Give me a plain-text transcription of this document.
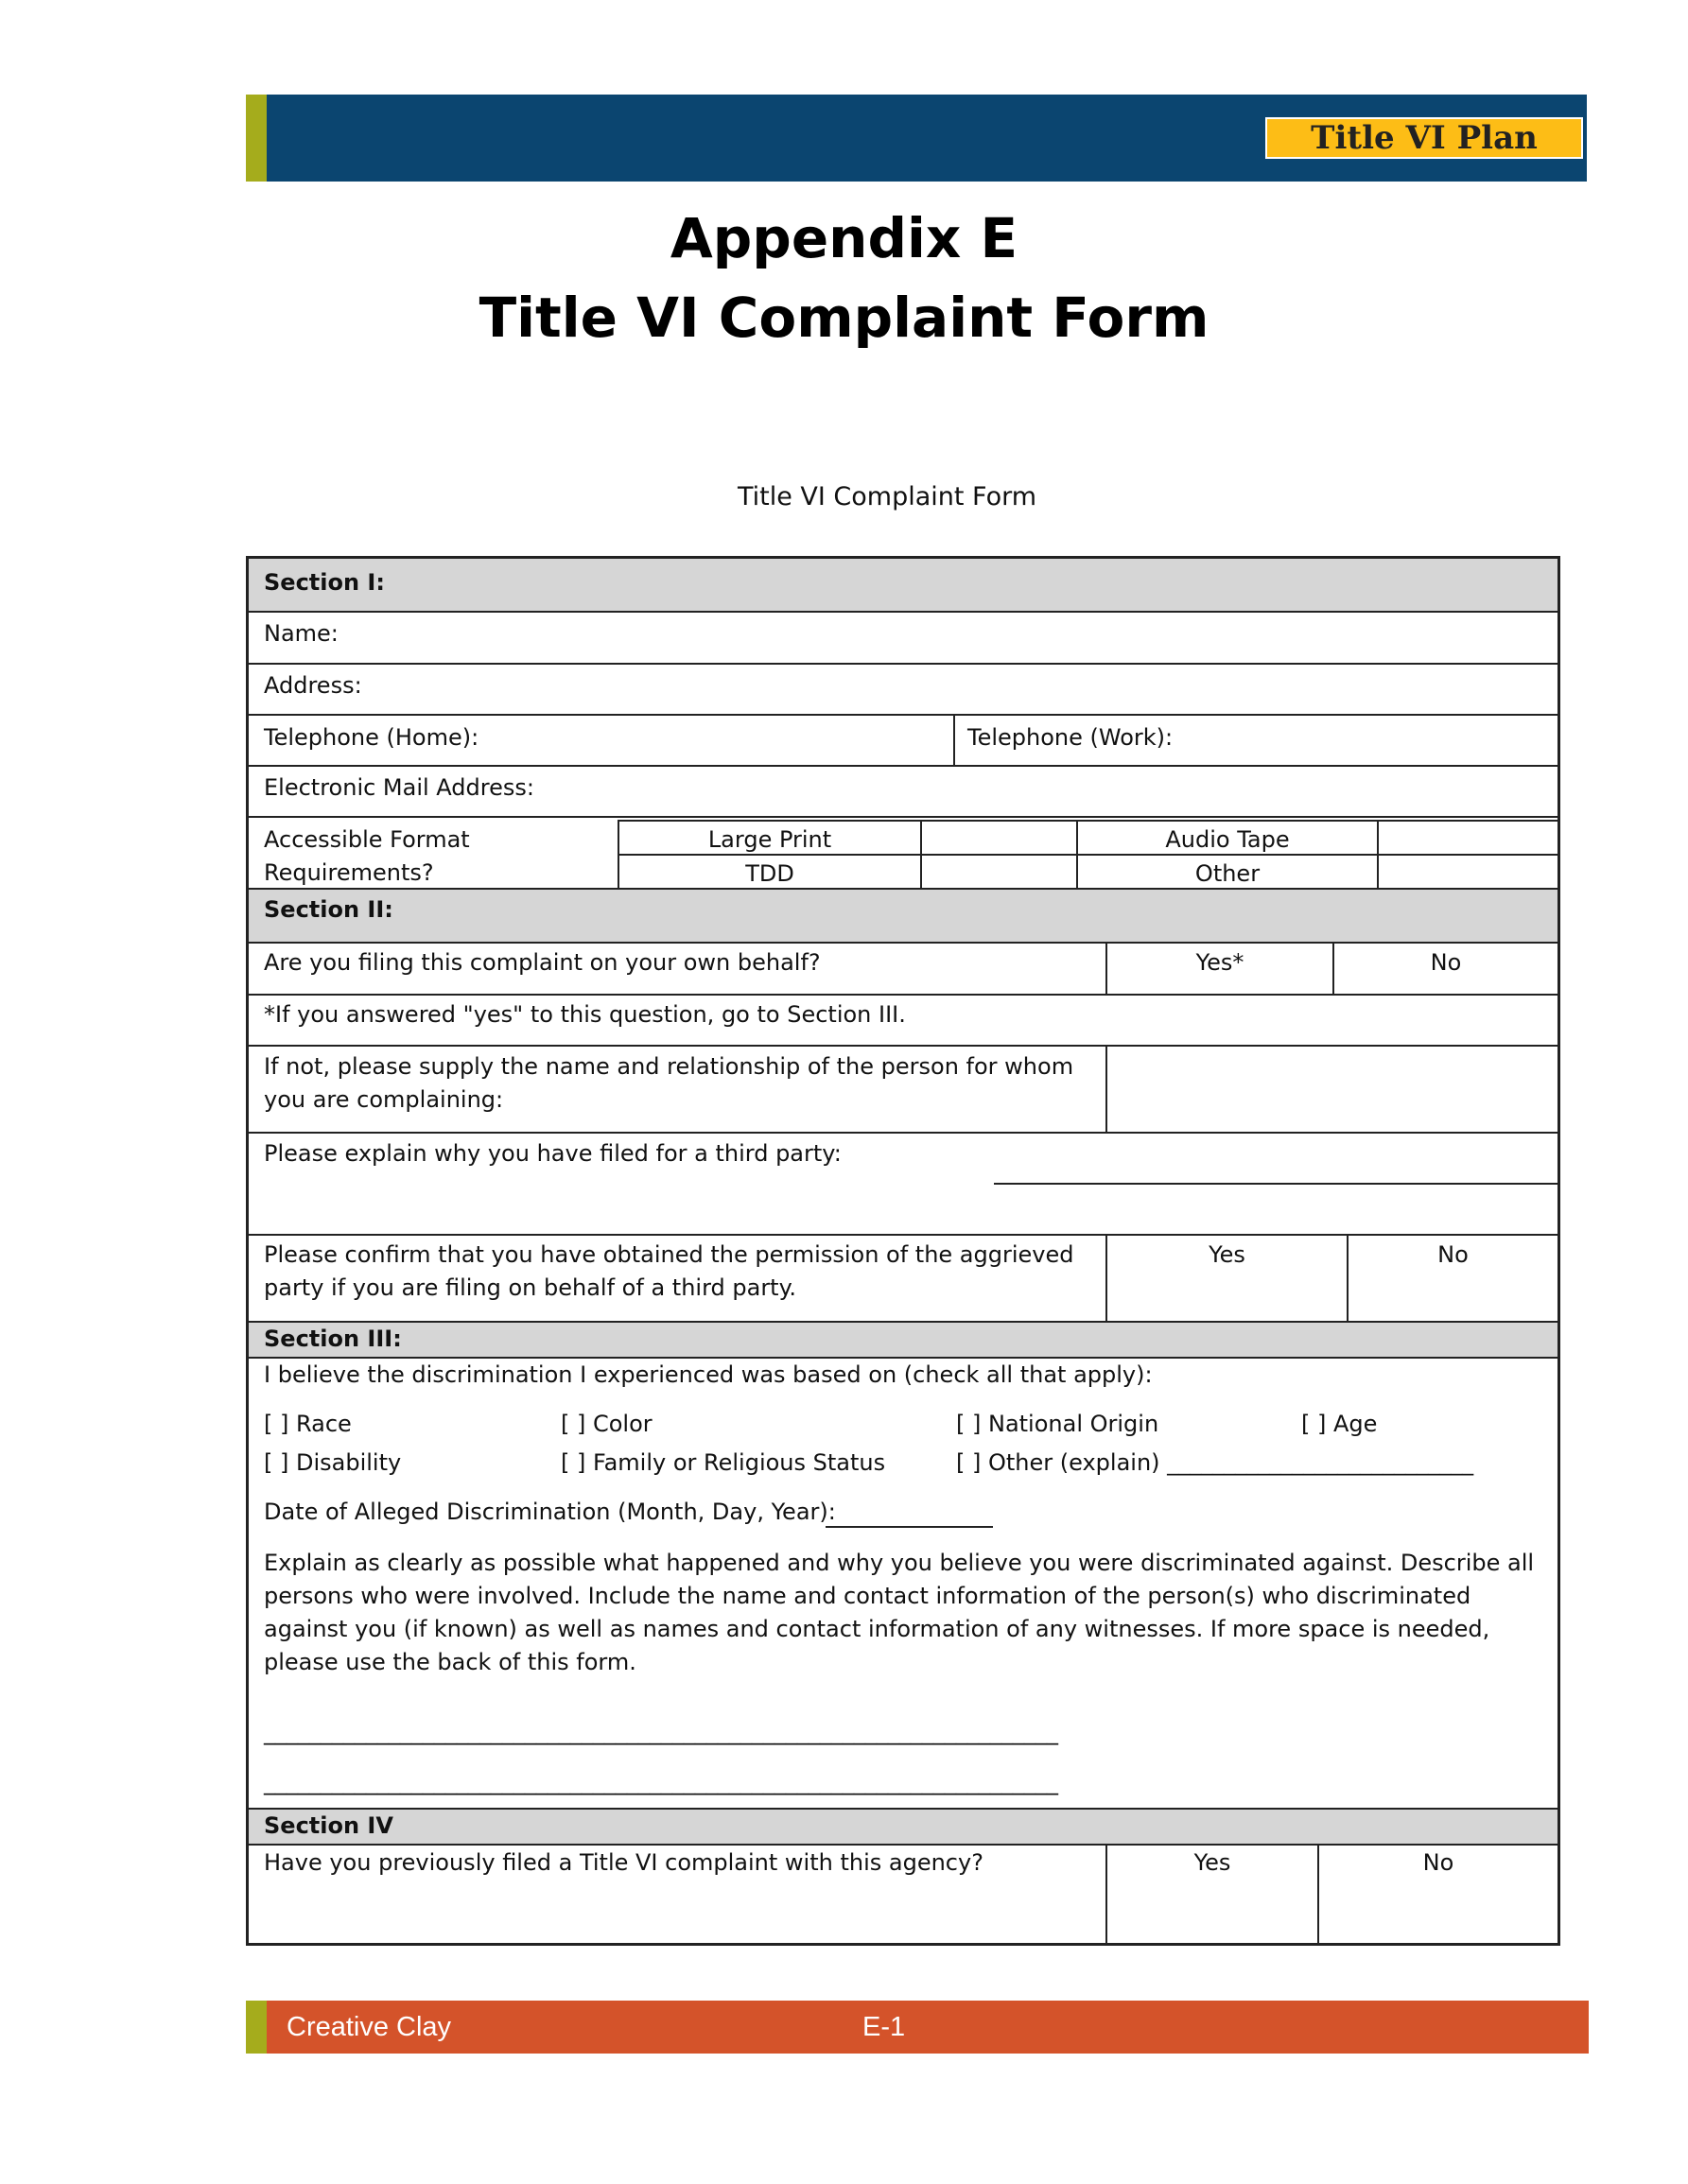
Title VI Plan
Appendix E
Title VI Complaint Form
Title VI Complaint Form
Section I:
Name:
Address:
Telephone (Home):	Telephone (Work):
Electronic Mail Address:
Accessible Format
Requirements?
Large Print	Audio Tape
TDD	Other
Section II:
Are you filing this complaint on your own behalf?	Yes*	No
*If you answered "yes" to this question, go to Section III.
If not, please supply the name and relationship of the person for whom
you are complaining:
Please explain why you have filed for a third party:
Please confirm that you have obtained the permission of the aggrieved
party if you are filing on behalf of a third party.
Yes	No
Section III:
I believe the discrimination I experienced was based on (check all that apply):
[ ] Race	[ ] Color	[ ] National Origin	[ ] Age
[ ] Disability	[ ] Family or Religious Status	[ ] Other (explain) ___________________________
Date of Alleged Discrimination (Month, Day, Year):
Explain as clearly as possible what happened and why you believe you were discriminated against. Describe all persons who were involved. Include the name and contact information of the person(s) who discriminated against you (if known) as well as names and contact information of any witnesses. If more space is needed, please use the back of this form.
______________________________________________________________________
______________________________________________________________________
Section IV
Have you previously filed a Title VI complaint with this agency?	Yes	No
Creative Clay	E-1
